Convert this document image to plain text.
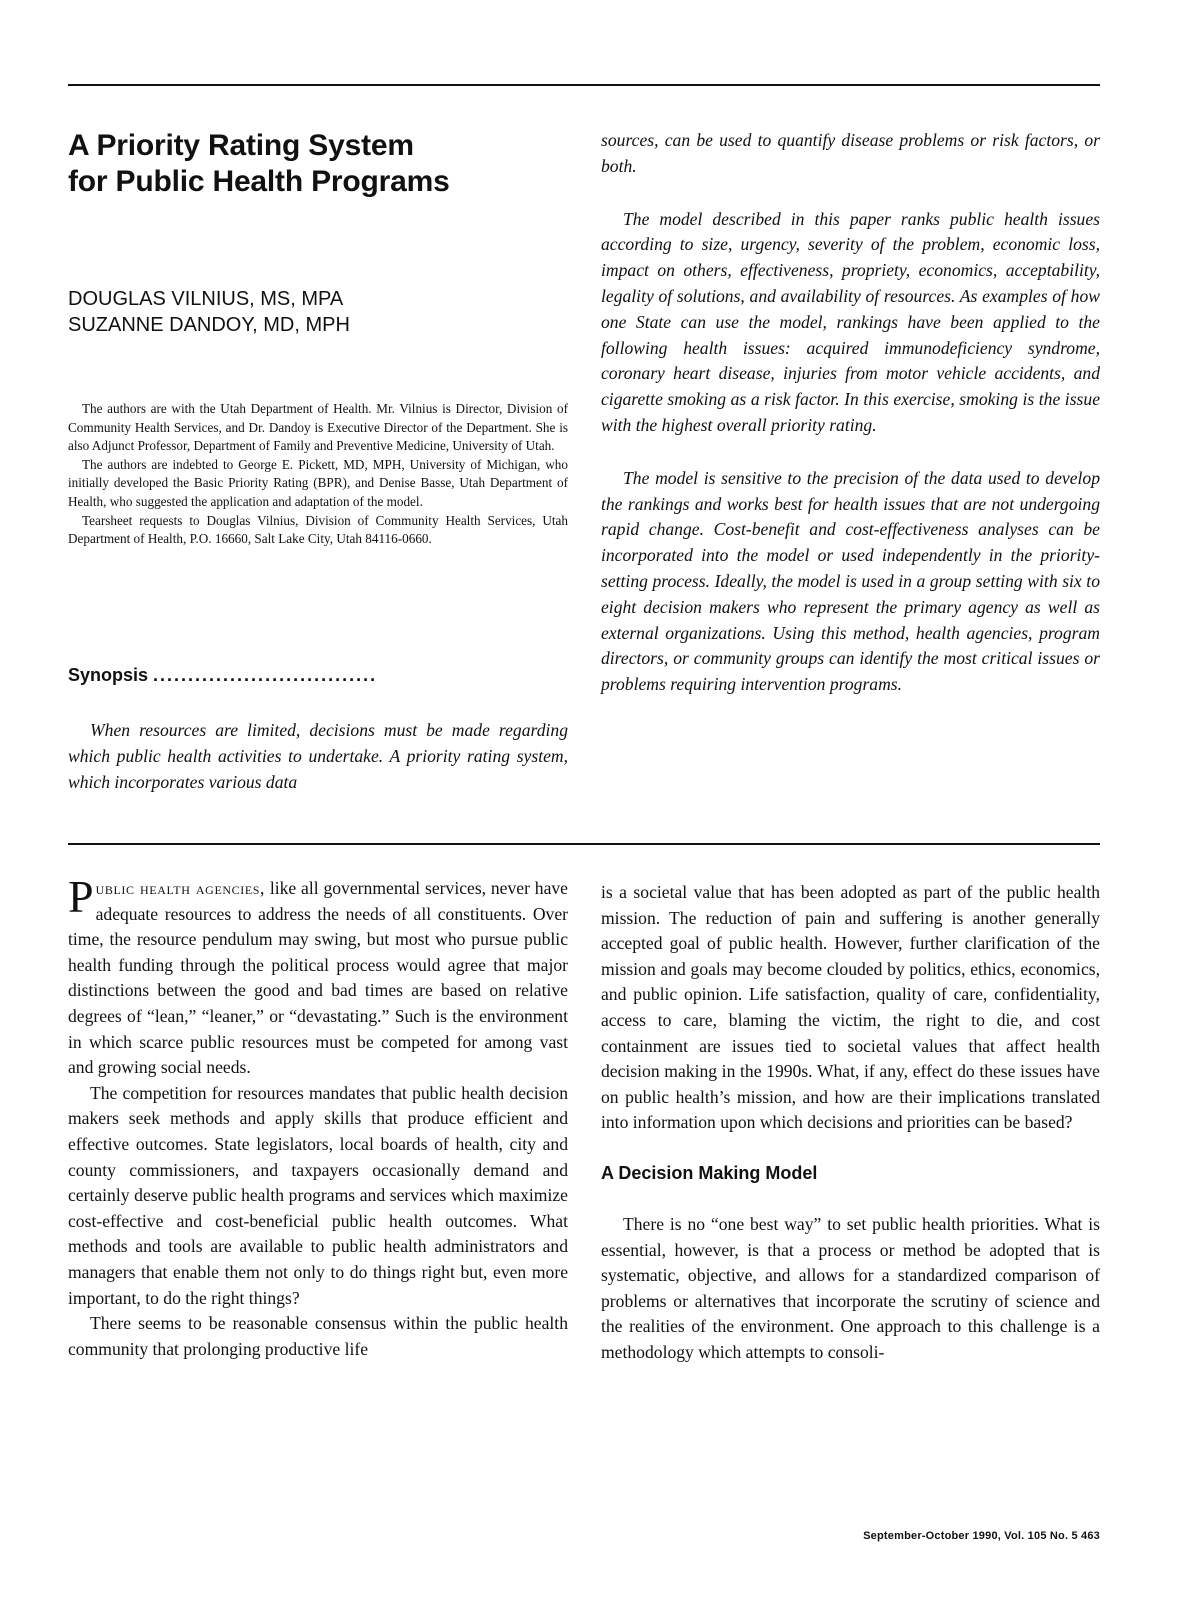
A Priority Rating System
for Public Health Programs
DOUGLAS VILNIUS, MS, MPA
SUZANNE DANDOY, MD, MPH

The authors are with the Utah Department of Health. Mr. Vilnius is Director, Division of Community Health Services, and Dr. Dandoy is Executive Director of the Department. She is also Adjunct Professor, Department of Family and Preventive Medicine, University of Utah.

The authors are indebted to George E. Pickett, MD, MPH, University of Michigan, who initially developed the Basic Priority Rating (BPR), and Denise Basse, Utah Department of Health, who suggested the application and adaptation of the model.

Tearsheet requests to Douglas Vilnius, Division of Community Health Services, Utah Department of Health, P.O. 16660, Salt Lake City, Utah 84116-0660.

Synopsis ................................

When resources are limited, decisions must be made regarding which public health activities to undertake. A priority rating system, which incorporates various data

sources, can be used to quantify disease problems or risk factors, or both.

The model described in this paper ranks public health issues according to size, urgency, severity of the problem, economic loss, impact on others, effectiveness, propriety, economics, acceptability, legality of solutions, and availability of resources. As examples of how one State can use the model, rankings have been applied to the following health issues: acquired immunodeficiency syndrome, coronary heart disease, injuries from motor vehicle accidents, and cigarette smoking as a risk factor. In this exercise, smoking is the issue with the highest overall priority rating.

The model is sensitive to the precision of the data used to develop the rankings and works best for health issues that are not undergoing rapid change. Cost-benefit and cost-effectiveness analyses can be incorporated into the model or used independently in the priority-setting process. Ideally, the model is used in a group setting with six to eight decision makers who represent the primary agency as well as external organizations. Using this method, health agencies, program directors, or community groups can identify the most critical issues or problems requiring intervention programs.

Public health agencies, like all governmental services, never have adequate resources to address the needs of all constituents. Over time, the resource pendulum may swing, but most who pursue public health funding through the political process would agree that major distinctions between the good and bad times are based on relative degrees of “lean,” “leaner,” or “devastating.” Such is the environment in which scarce public resources must be competed for among vast and growing social needs.

The competition for resources mandates that public health decision makers seek methods and apply skills that produce efficient and effective outcomes. State legislators, local boards of health, city and county commissioners, and taxpayers occasionally demand and certainly deserve public health programs and services which maximize cost-effective and cost-beneficial public health outcomes. What methods and tools are available to public health administrators and managers that enable them not only to do things right but, even more important, to do the right things?

There seems to be reasonable consensus within the public health community that prolonging productive life

is a societal value that has been adopted as part of the public health mission. The reduction of pain and suffering is another generally accepted goal of public health. However, further clarification of the mission and goals may become clouded by politics, ethics, economics, and public opinion. Life satisfaction, quality of care, confidentiality, access to care, blaming the victim, the right to die, and cost containment are issues tied to societal values that affect health decision making in the 1990s. What, if any, effect do these issues have on public health’s mission, and how are their implications translated into information upon which decisions and priorities can be based?

A Decision Making Model

There is no “one best way” to set public health priorities. What is essential, however, is that a process or method be adopted that is systematic, objective, and allows for a standardized comparison of problems or alternatives that incorporate the scrutiny of science and the realities of the environment. One approach to this challenge is a methodology which attempts to consoli-

September-October 1990, Vol. 105 No. 5 463
